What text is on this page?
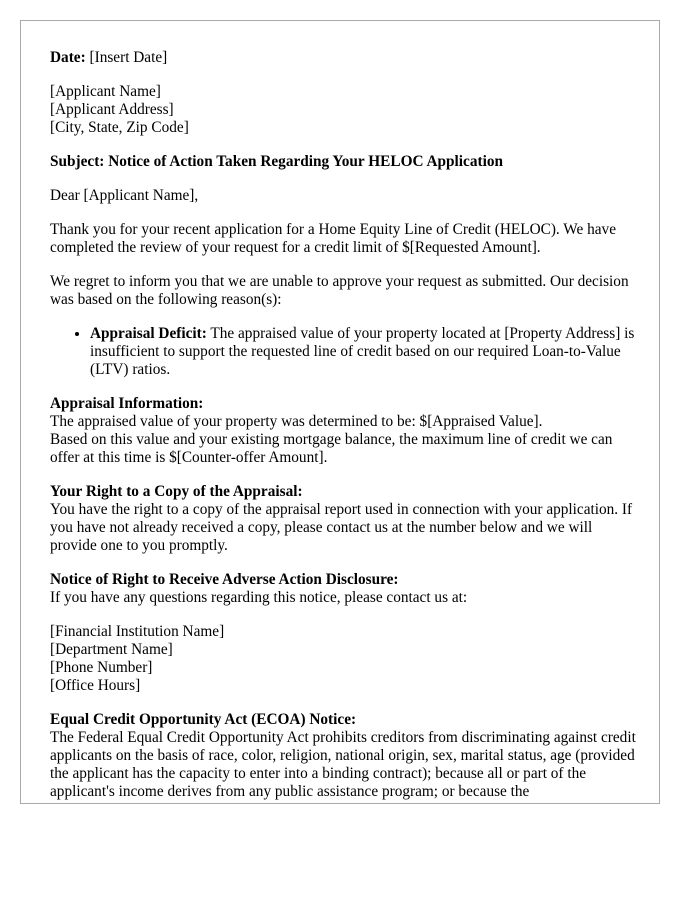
Date: [Insert Date]

[Applicant Name]
[Applicant Address]
[City, State, Zip Code]

Subject: Notice of Action Taken Regarding Your HELOC Application

Dear [Applicant Name],

Thank you for your recent application for a Home Equity Line of Credit (HELOC). We have completed the review of your request for a credit limit of $[Requested Amount].

We regret to inform you that we are unable to approve your request as submitted. Our decision was based on the following reason(s):

• Appraisal Deficit: The appraised value of your property located at [Property Address] is insufficient to support the requested line of credit based on our required Loan-to-Value (LTV) ratios.

Appraisal Information:
The appraised value of your property was determined to be: $[Appraised Value].
Based on this value and your existing mortgage balance, the maximum line of credit we can offer at this time is $[Counter-offer Amount].

Your Right to a Copy of the Appraisal:
You have the right to a copy of the appraisal report used in connection with your application. If you have not already received a copy, please contact us at the number below and we will provide one to you promptly.

Notice of Right to Receive Adverse Action Disclosure:
If you have any questions regarding this notice, please contact us at:

[Financial Institution Name]
[Department Name]
[Phone Number]
[Office Hours]

Equal Credit Opportunity Act (ECOA) Notice:
The Federal Equal Credit Opportunity Act prohibits creditors from discriminating against credit applicants on the basis of race, color, religion, national origin, sex, marital status, age (provided the applicant has the capacity to enter into a binding contract); because all or part of the applicant's income derives from any public assistance program; or because the
